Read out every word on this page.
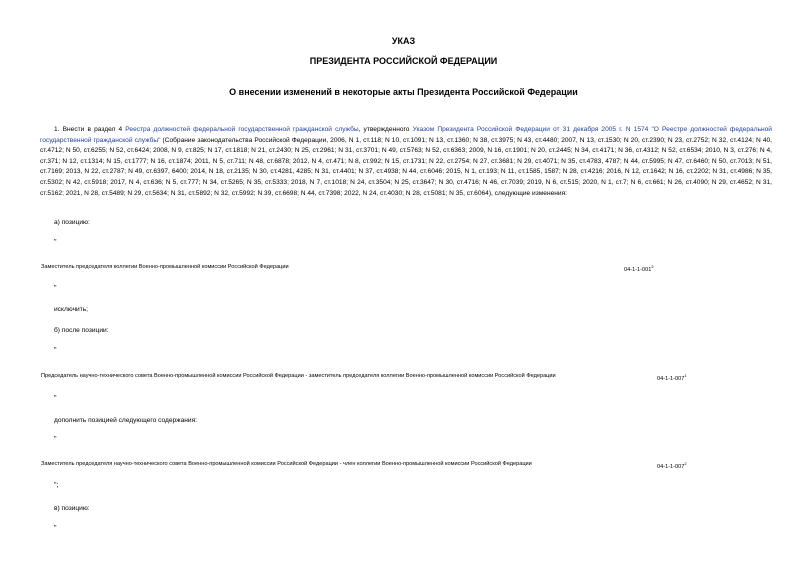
УКАЗ
ПРЕЗИДЕНТА РОССИЙСКОЙ ФЕДЕРАЦИИ
О внесении изменений в некоторые акты Президента Российской Федерации
1. Внести в раздел 4 Реестра должностей федеральной государственной гражданской службы, утвержденного Указом Президента Российской Федерации от 31 декабря 2005 г. N 1574 "О Реестре должностей федеральной государственной гражданской службы" (Собрание законодательства Российской Федерации, 2006, N 1, ст.118; N 10, ст.1091; N 13, ст.1360; N 38, ст.3975; N 43, ст.4480; 2007, N 13, ст.1530; N 20, ст.2390; N 23, ст.2752; N 32, ст.4124; N 40, ст.4712; N 50, ст.6255; N 52, ст.6424; 2008, N 9, ст.825; N 17, ст.1818; N 21, ст.2430; N 25, ст.2961; N 31, ст.3701; N 49, ст.5763; N 52, ст.6363; 2009, N 16, ст.1901; N 20, ст.2445; N 34, ст.4171; N 36, ст.4312; N 52, ст.6534; 2010, N 3, ст.276; N 4, ст.371; N 12, ст.1314; N 15, ст.1777; N 16, ст.1874; 2011, N 5, ст.711; N 48, ст.6878; 2012, N 4, ст.471; N 8, ст.992; N 15, ст.1731; N 22, ст.2754; N 27, ст.3681; N 29, ст.4071; N 35, ст.4783, 4787; N 44, ст.5995; N 47, ст.6460; N 50, ст.7013; N 51, ст.7169; 2013, N 22, ст.2787; N 49, ст.6397, 6400; 2014, N 18, ст.2135; N 30, ст.4281, 4285; N 31, ст.4401; N 37, ст.4938; N 44, ст.6046; 2015, N 1, ст.193; N 11, ст.1585, 1587; N 28, ст.4216; 2016, N 12, ст.1642; N 16, ст.2202; N 31, ст.4986; N 35, ст.5302; N 42, ст.5918; 2017, N 4, ст.636; N 5, ст.777; N 34, ст.5265; N 35, ст.5333; 2018, N 7, ст.1018; N 24, ст.3504; N 25, ст.3647; N 30, ст.4716; N 46, ст.7039; 2019, N 6, ст.515; 2020, N 1, ст.7; N 6, ст.661; N 26, ст.4090; N 29, ст.4652; N 31, ст.5162; 2021, N 28, ст.5489; N 29, ст.5634; N 31, ст.5892; N 32, ст.5992; N 39, ст.6698; N 44, ст.7398; 2022, N 24, ст.4030; N 28, ст.5081; N 35, ст.6064), следующие изменения:
а) позицию:
"
Заместитель председателя коллегии Военно-промышленной комиссии Российской Федерации	$04-1-1-001^2$
"
исключить;
б) после позиции:
"
Председатель научно-технического совета Военно-промышленной комиссии Российской Федерации - заместитель председателя коллегии Военно-промышленной комиссии Российской Федерации	$04-1-1-007^1$
"
дополнить позицией следующего содержания:
"
Заместитель председателя научно-технического совета Военно-промышленной комиссии Российской Федерации - член коллегии Военно-промышленной комиссии Российской Федерации	$04-1-1-007^2$
";
в) позицию:
"
